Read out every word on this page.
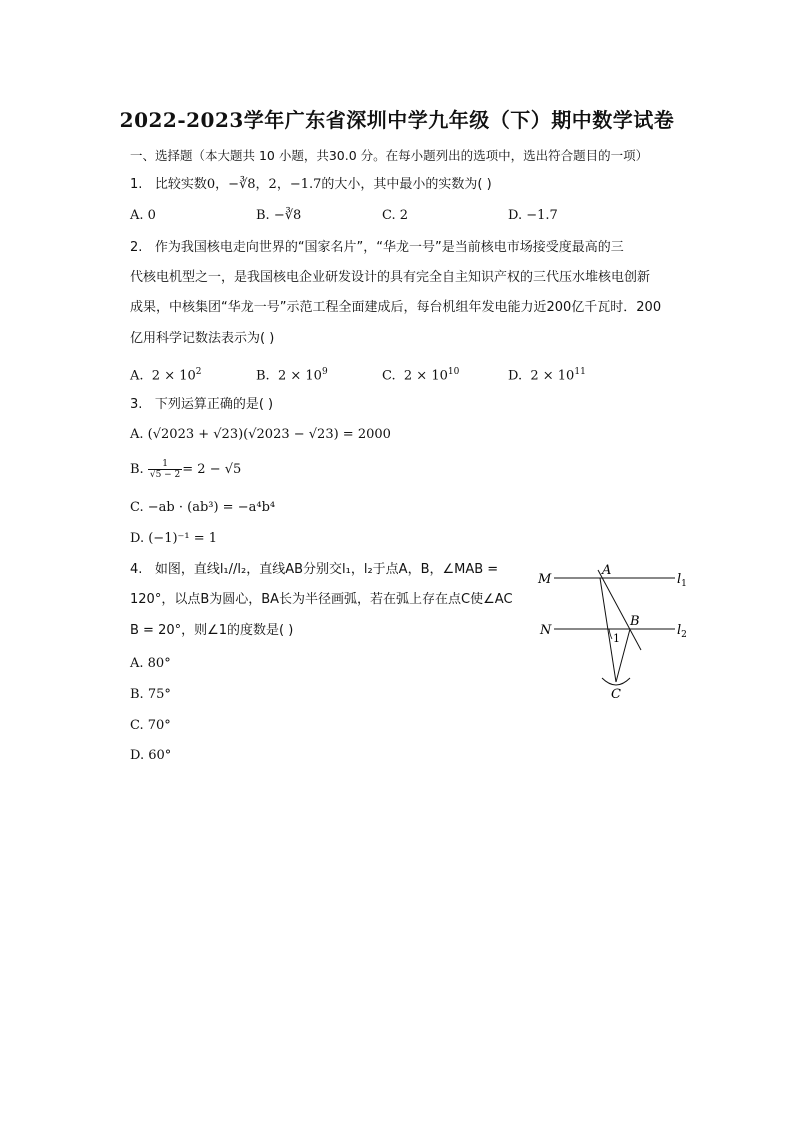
2022-2023学年广东省深圳中学九年级（下）期中数学试卷
一、选择题（本大题共 10 小题，共30.0 分。在每小题列出的选项中，选出符合题目的一项）
1. 比较实数0，−∛8，2，−1.7的大小，其中最小的实数为( )
A. 0	B. −∛8	C. 2	D. −1.7
2. 作为我国核电走向世界的“国家名片”，“华龙一号”是当前核电市场接受度最高的三
代核电机型之一，是我国核电企业研发设计的具有完全自主知识产权的三代压水堆核电创新
成果，中核集团“华龙一号”示范工程全面建成后，每台机组年发电能力近200亿千瓦时．200
亿用科学记数法表示为( )
A. $2 \times 10^2$	B. $2 \times 10^9$	C. $2 \times 10^{10}$	D. $2 \times 10^{11}$
3. 下列运算正确的是( )
A. (√2023 + √23)(√2023 − √23) = 2000
B. $\frac{1}{√5 - 2} = 2 - √5$
C. −ab · (ab³) = −a⁴b⁴
D. (−1)⁻¹ = 1
4. 如图，直线l₁//l₂，直线AB分别交l₁，l₂于点A，B，∠MAB =
120°，以点B为圆心，BA长为半径画弧，若在弧上存在点C使∠AC
B = 20°，则∠1的度数是( )
A. 80°
B. 75°
C. 70°
D. 60°
M
N
A
B
C
1
$l_1$
$l_2$
